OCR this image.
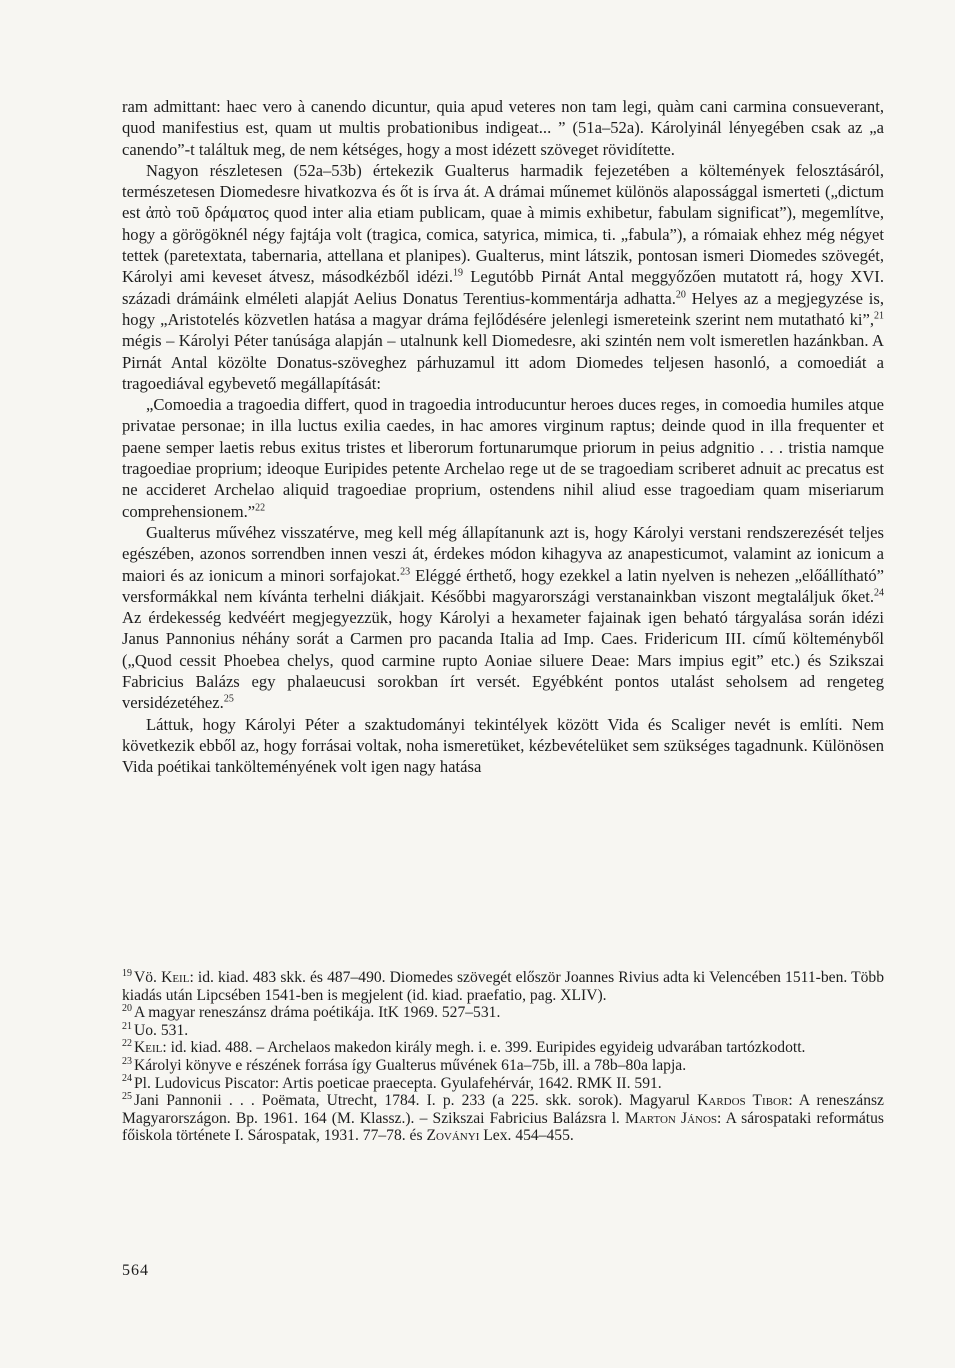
ram admittant: haec vero à canendo dicuntur, quia apud veteres non tam legi, quàm cani carmina consueverant, quod manifestius est, quam ut multis probationibus indigeat... ” (51a–52a). Károlyinál lényegében csak az „a canendo”-t találtuk meg, de nem kétséges, hogy a most idézett szöveget rövidítette.

Nagyon részletesen (52a–53b) értekezik Gualterus harmadik fejezetében a költemények felosztásáról, természetesen Diomedesre hivatkozva és őt is írva át. A drámai műnemet különös alapossággal ismerteti („dictum est ἀπὸ τοῦ δράματος quod inter alia etiam publicam, quae à mimis exhibetur, fabulam significat”), megemlítve, hogy a görögöknél négy fajtája volt (tragica, comica, satyrica, mimica, ti. „fabula”), a rómaiak ehhez még négyet tettek (paretextata, tabernaria, attellana et planipes). Gualterus, mint látszik, pontosan ismeri Diomedes szövegét, Károlyi ami keveset átvesz, másodkézből idézi.$^{19}$ Legutóbb Pirnát Antal meggyőzően mutatott rá, hogy XVI. századi drámáink elméleti alapját Aelius Donatus Terentius-kommentárja adhatta.$^{20}$ Helyes az a megjegyzése is, hogy „Aristotelés közvetlen hatása a magyar dráma fejlődésére jelenlegi ismereteink szerint nem mutatható ki”,$^{21}$ mégis – Károlyi Péter tanúsága alapján – utalnunk kell Diomedesre, aki szintén nem volt ismeretlen hazánkban. A Pirnát Antal közölte Donatus-szöveghez párhuzamul itt adom Diomedes teljesen hasonló, a comoediát a tragoediával egybevető megállapítását:

„Comoedia a tragoedia differt, quod in tragoedia introducuntur heroes duces reges, in comoedia humiles atque privatae personae; in illa luctus exilia caedes, in hac amores virginum raptus; deinde quod in illa frequenter et paene semper laetis rebus exitus tristes et liberorum fortunarumque priorum in peius adgnitio . . . tristia namque tragoediae proprium; ideoque Euripides petente Archelao rege ut de se tragoediam scriberet adnuit ac precatus est ne accideret Archelao aliquid tragoediae proprium, ostendens nihil aliud esse tragoediam quam miseriarum comprehensionem.”$^{22}$

Gualterus művéhez visszatérve, meg kell még állapítanunk azt is, hogy Károlyi verstani rendszerezését teljes egészében, azonos sorrendben innen veszi át, érdekes módon kihagyva az anapesticumot, valamint az ionicum a maiori és az ionicum a minori sorfajokat.$^{23}$ Eléggé érthető, hogy ezekkel a latin nyelven is nehezen „előállítható” versformákkal nem kívánta terhelni diákjait. Későbbi magyarországi verstanainkban viszont megtaláljuk őket.$^{24}$ Az érdekesség kedvéért megjegyezzük, hogy Károlyi a hexameter fajainak igen beható tárgyalása során idézi Janus Pannonius néhány sorát a Carmen pro pacanda Italia ad Imp. Caes. Fridericum III. című költeményből („Quod cessit Phoebea chelys, quod carmine rupto Aoniae siluere Deae: Mars impius egit” etc.) és Szikszai Fabricius Balázs egy phalaeucusi sorokban írt versét. Egyébként pontos utalást seholsem ad rengeteg versidézetéhez.$^{25}$

Láttuk, hogy Károlyi Péter a szaktudományi tekintélyek között Vida és Scaliger nevét is említi. Nem következik ebből az, hogy forrásai voltak, noha ismeretüket, kézbevételüket sem szükséges tagadnunk. Különösen Vida poétikai tankölteményének volt igen nagy hatása

$^{19}$ Vö. Keil: id. kiad. 483 skk. és 487–490. Diomedes szövegét először Joannes Rivius adta ki Velencében 1511-ben. Több kiadás után Lipcsében 1541-ben is megjelent (id. kiad. praefatio, pag. XLIV).

$^{20}$ A magyar reneszánsz dráma poétikája. ItK 1969. 527–531.

$^{21}$ Uo. 531.

$^{22}$ Keil: id. kiad. 488. – Archelaos makedon király megh. i. e. 399. Euripides egyideig udvarában tartózkodott.

$^{23}$ Károlyi könyve e részének forrása így Gualterus művének 61a–75b, ill. a 78b–80a lapja.

$^{24}$ Pl. Ludovicus Piscator: Artis poeticae praecepta. Gyulafehérvár, 1642. RMK II. 591.

$^{25}$ Jani Pannonii . . . Poëmata, Utrecht, 1784. I. p. 233 (a 225. skk. sorok). Magyarul Kardos Tibor: A reneszánsz Magyarországon. Bp. 1961. 164 (M. Klassz.). – Szikszai Fabricius Balázsra l. Marton János: A sárospataki református főiskola története I. Sárospatak, 1931. 77–78. és Zoványi Lex. 454–455.

564
